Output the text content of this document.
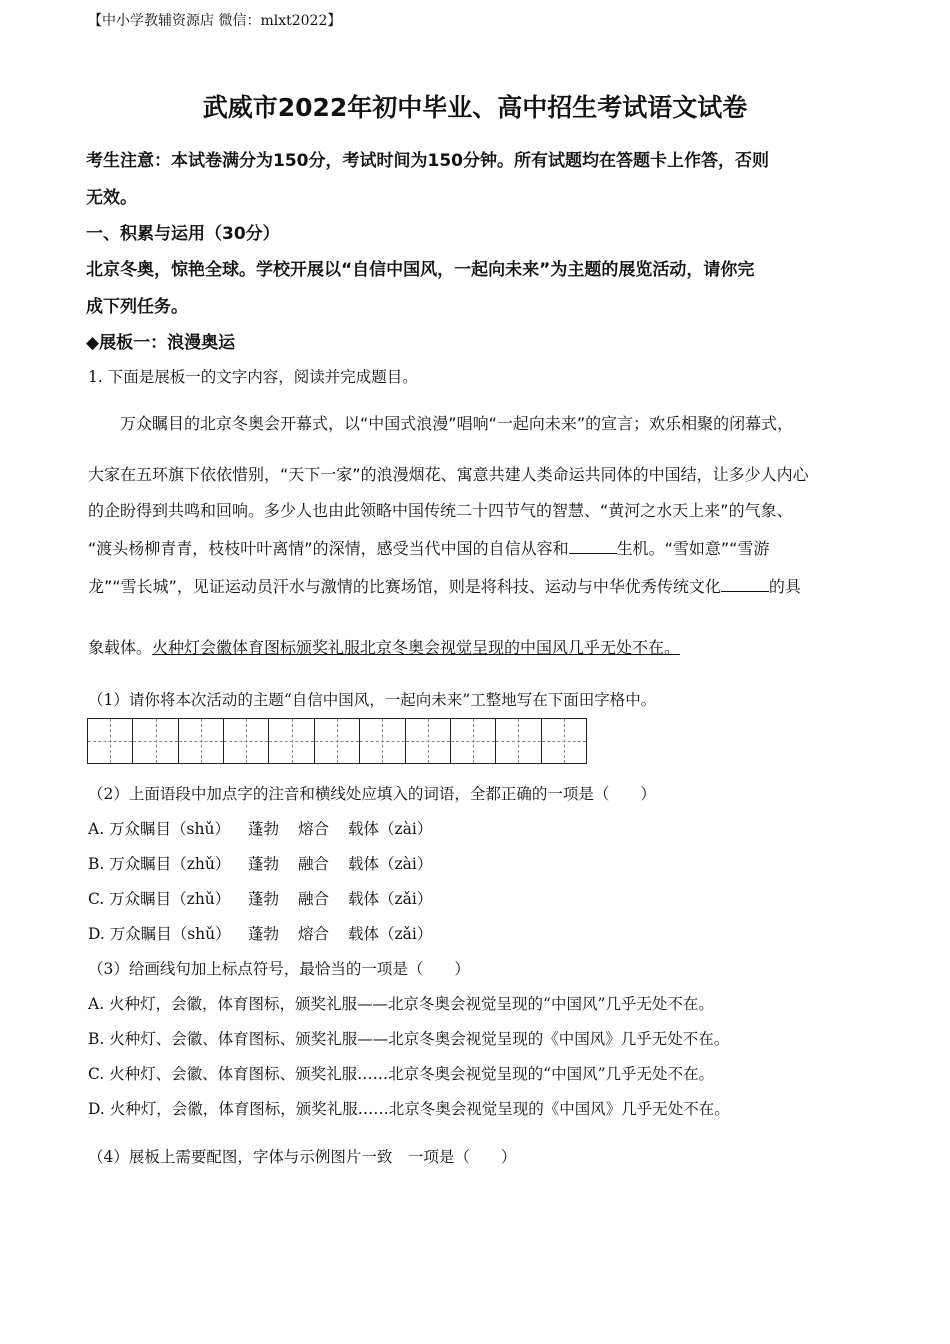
【中小学教辅资源店 微信：mlxt2022】
武威市2022年初中毕业、高中招生考试语文试卷
考生注意：本试卷满分为150分，考试时间为150分钟。所有试题均在答题卡上作答，否则
无效。
一、积累与运用（30分）
北京冬奥，惊艳全球。学校开展以“自信中国风，一起向未来”为主题的展览活动，请你完
成下列任务。
◆展板一：浪漫奥运
1. 下面是展板一的文字内容，阅读并完成题目。
万众瞩目的北京冬奥会开幕式，以“中国式浪漫”唱响“一起向未来”的宣言；欢乐相聚的闭幕式，
大家在五环旗下依依惜别，“天下一家”的浪漫烟花、寓意共建人类命运共同体的中国结，让多少人内心
的企盼得到共鸣和回响。多少人也由此领略中国传统二十四节气的智慧、“黄河之水天上来”的气象、
“渡头杨柳青青，枝枝叶叶离情”的深情，感受当代中国的自信从容和	生机。“雪如意”“雪游
龙”“雪长城”，见证运动员汗水与激情的比赛场馆，则是将科技、运动与中华优秀传统文化	的具
象载体。火种灯会徽体育图标颁奖礼服北京冬奥会视觉呈现的中国风几乎无处不在。
（1）请你将本次活动的主题“自信中国风，一起向未来”工整地写在下面田字格中。
（2）上面语段中加点字的注音和横线处应填入的词语，全都正确的一项是（　　）
A. 万众瞩目（shǔ） 蓬勃 熔合 载体（zài）
B. 万众瞩目（zhǔ） 蓬勃 融合 载体（zài）
C. 万众瞩目（zhǔ） 蓬勃 融合 载体（zǎi）
D. 万众瞩目（shǔ） 蓬勃 熔合 载体（zǎi）
（3）给画线句加上标点符号，最恰当的一项是（　　）
A. 火种灯，会徽，体育图标，颁奖礼服——北京冬奥会视觉呈现的“中国风”几乎无处不在。
B. 火种灯、会徽、体育图标、颁奖礼服——北京冬奥会视觉呈现的《中国风》几乎无处不在。
C. 火种灯、会徽、体育图标、颁奖礼服……北京冬奥会视觉呈现的“中国风”几乎无处不在。
D. 火种灯，会徽，体育图标，颁奖礼服……北京冬奥会视觉呈现的《中国风》几乎无处不在。
（4）展板上需要配图，字体与示例图片一致　一项是（　　）
